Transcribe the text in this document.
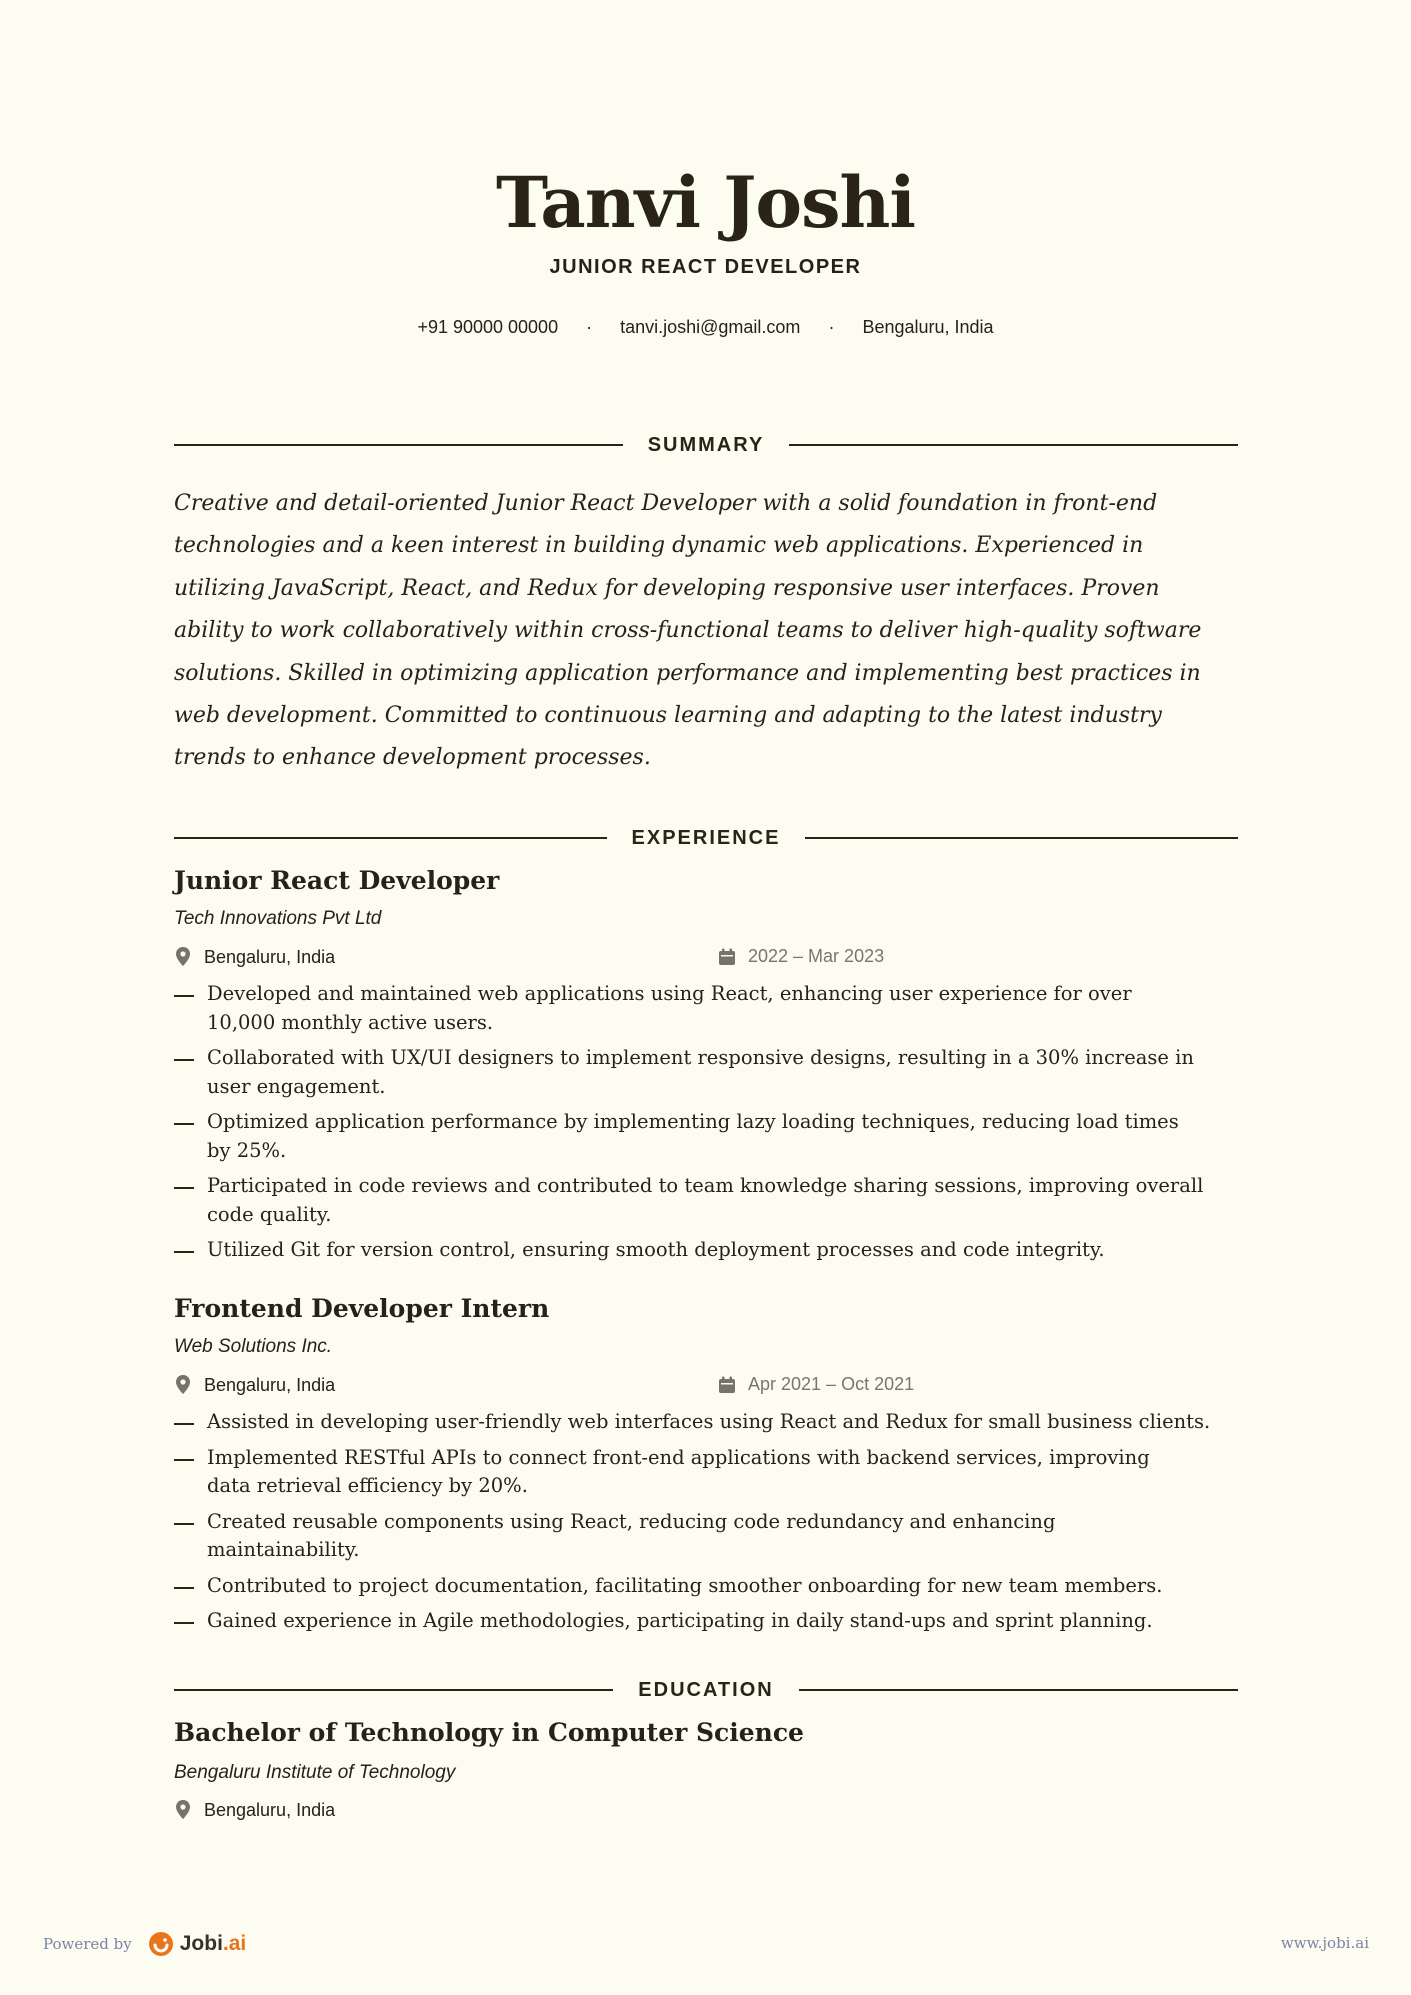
Tanvi Joshi
JUNIOR REACT DEVELOPER
+91 90000 00000 · tanvi.joshi@gmail.com · Bengaluru, India
SUMMARY
Creative and detail-oriented Junior React Developer with a solid foundation in front-end
technologies and a keen interest in building dynamic web applications. Experienced in
utilizing JavaScript, React, and Redux for developing responsive user interfaces. Proven
ability to work collaboratively within cross-functional teams to deliver high-quality software
solutions. Skilled in optimizing application performance and implementing best practices in
web development. Committed to continuous learning and adapting to the latest industry
trends to enhance development processes.
EXPERIENCE
Junior React Developer
Tech Innovations Pvt Ltd
Bengaluru, India	2022 – Mar 2023
Developed and maintained web applications using React, enhancing user experience for over
10,000 monthly active users.
Collaborated with UX/UI designers to implement responsive designs, resulting in a 30% increase in
user engagement.
Optimized application performance by implementing lazy loading techniques, reducing load times
by 25%.
Participated in code reviews and contributed to team knowledge sharing sessions, improving overall
code quality.
Utilized Git for version control, ensuring smooth deployment processes and code integrity.
Frontend Developer Intern
Web Solutions Inc.
Bengaluru, India	Apr 2021 – Oct 2021
Assisted in developing user-friendly web interfaces using React and Redux for small business clients.
Implemented RESTful APIs to connect front-end applications with backend services, improving
data retrieval efficiency by 20%.
Created reusable components using React, reducing code redundancy and enhancing
maintainability.
Contributed to project documentation, facilitating smoother onboarding for new team members.
Gained experience in Agile methodologies, participating in daily stand-ups and sprint planning.
EDUCATION
Bachelor of Technology in Computer Science
Bengaluru Institute of Technology
Bengaluru, India
Powered by Jobi.ai	www.jobi.ai
